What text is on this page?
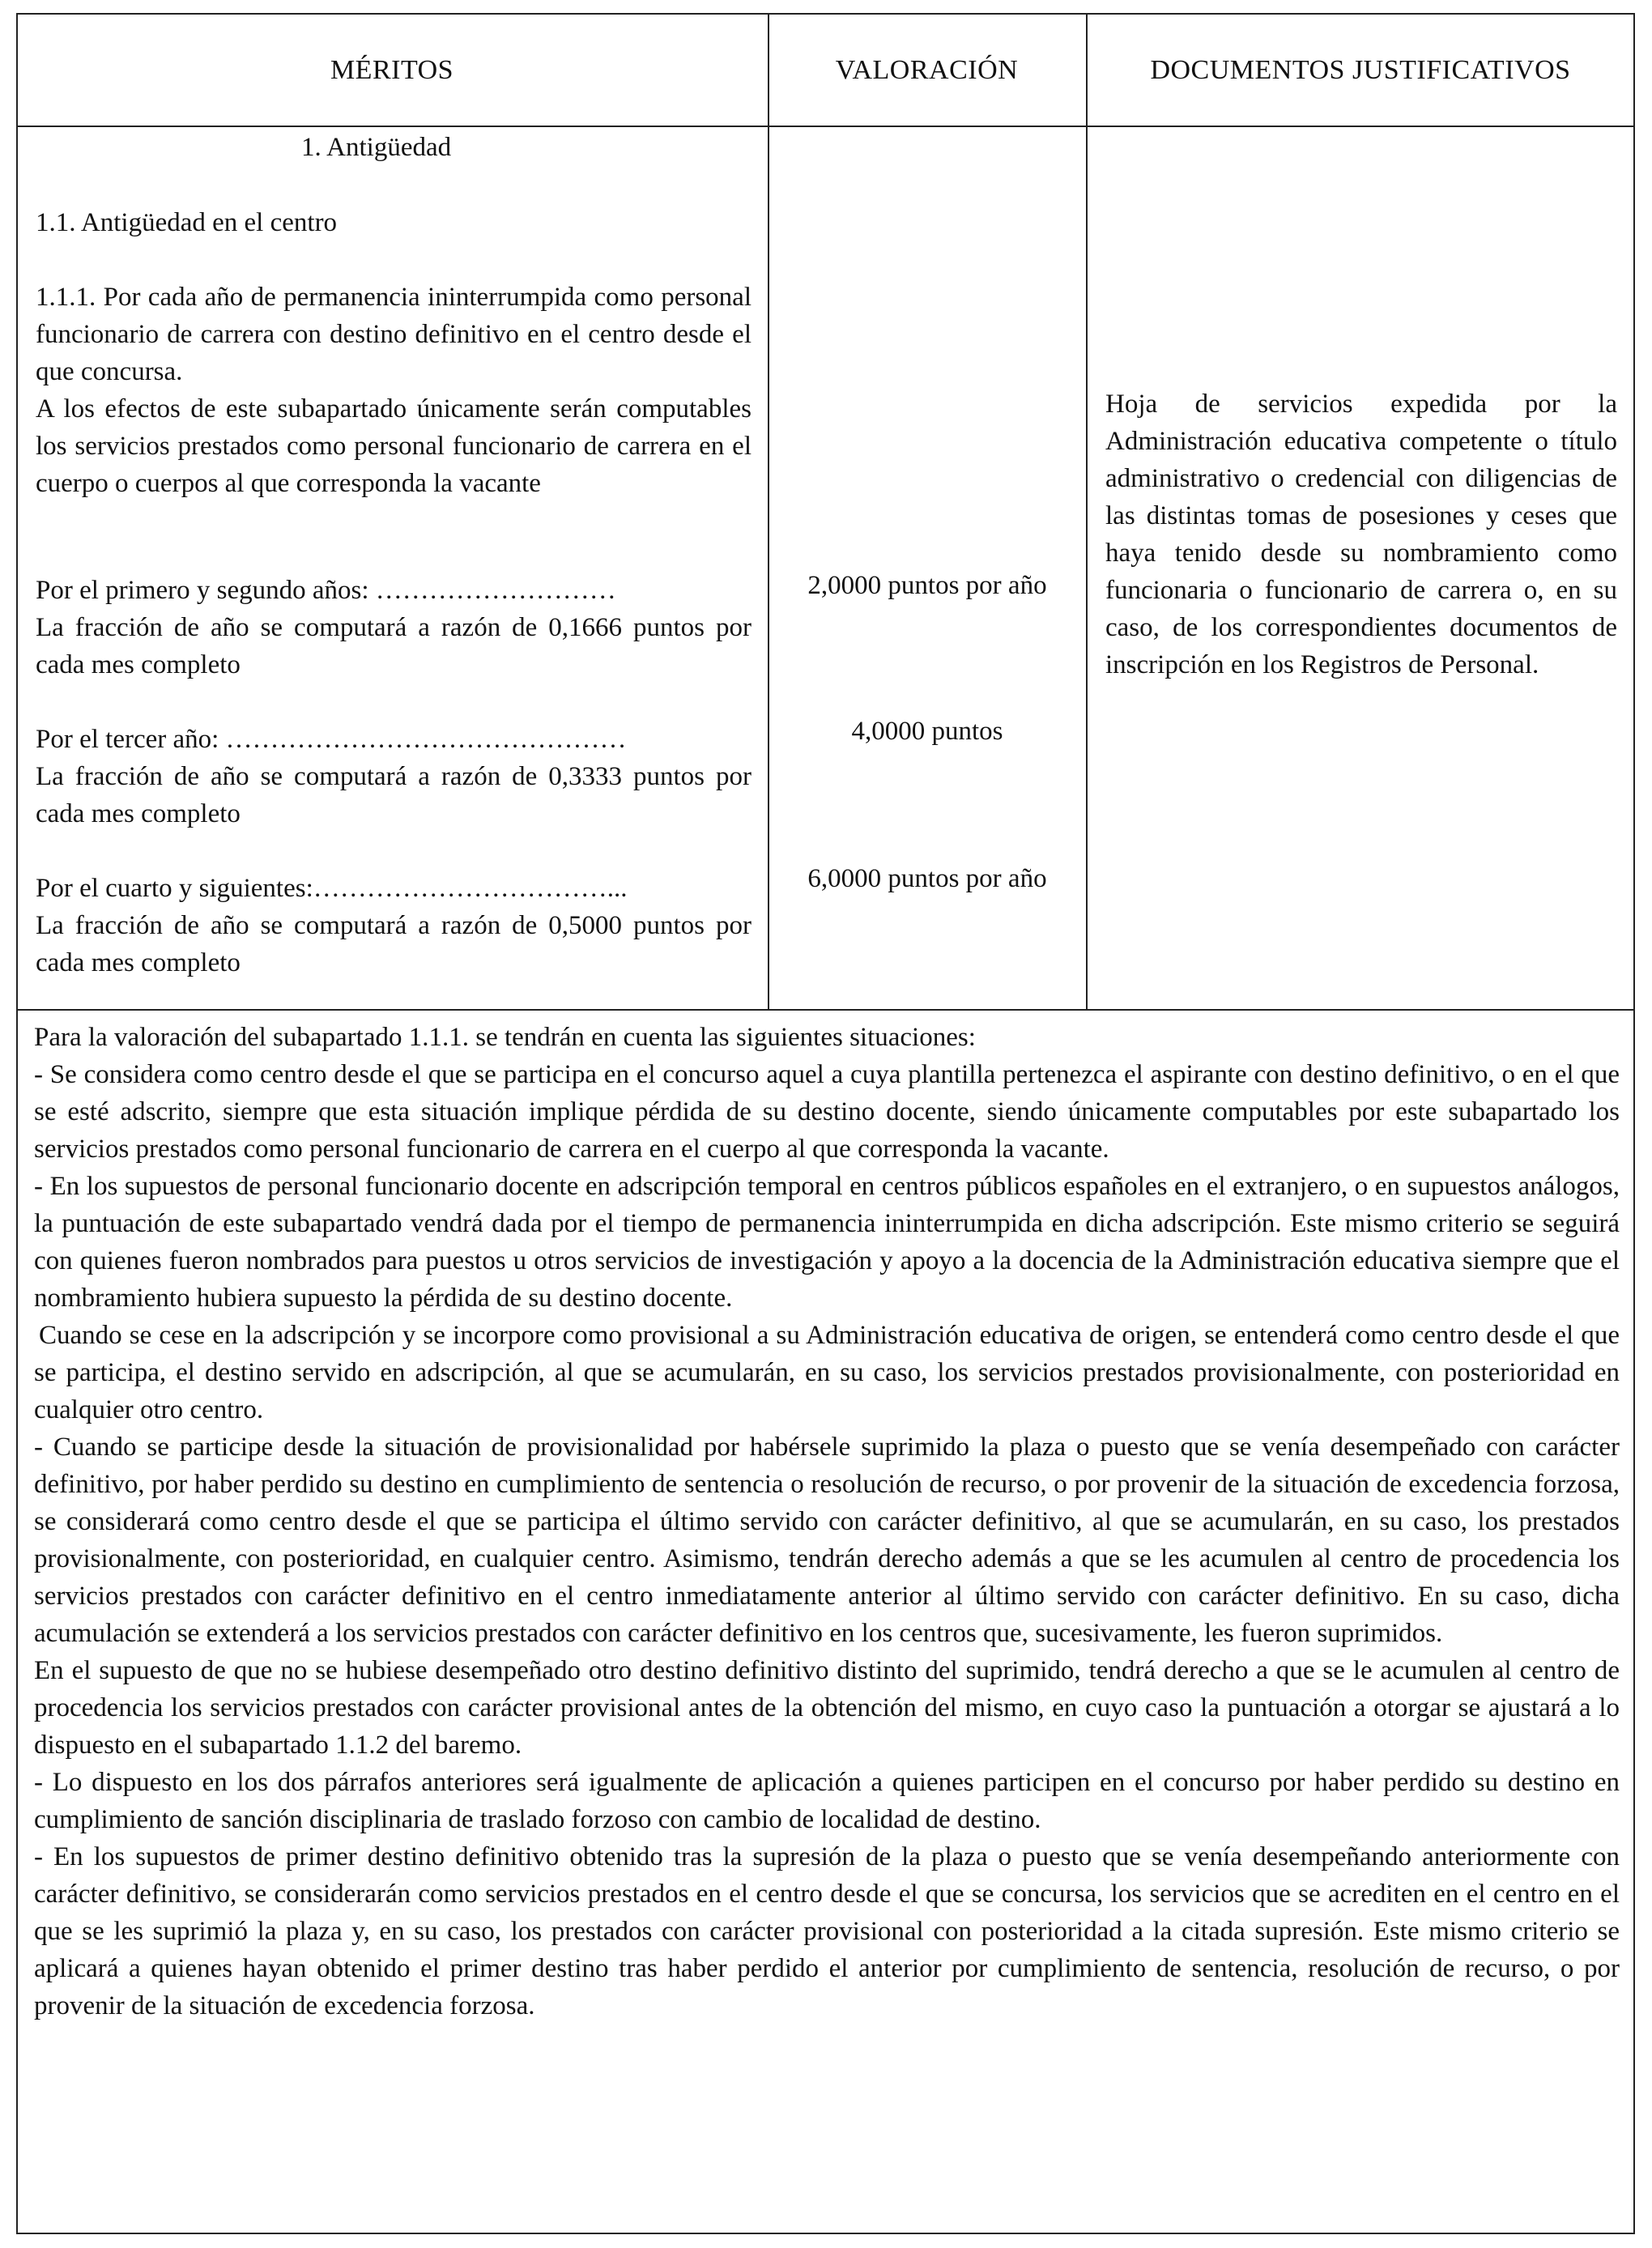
MÉRITOS	VALORACIÓN	DOCUMENTOS JUSTIFICATIVOS
1. Antigüedad
1.1. Antigüedad en el centro
1.1.1. Por cada año de permanencia ininterrumpida como personal funcionario de carrera con destino definitivo en el centro desde el que concursa.
A los efectos de este subapartado únicamente serán computables los servicios prestados como personal funcionario de carrera en el cuerpo o cuerpos al que corresponda la vacante
Por el primero y segundo años: ………………………
La fracción de año se computará a razón de 0,1666 puntos por cada mes completo
Por el tercer año: ………………………………………
La fracción de año se computará a razón de 0,3333 puntos por cada mes completo
Por el cuarto y siguientes:……………………………...
La fracción de año se computará a razón de 0,5000 puntos por cada mes completo
2,0000 puntos por año
4,0000 puntos
6,0000 puntos por año
Hoja de servicios expedida por la Administración educativa competente o título administrativo o credencial con diligencias de las distintas tomas de posesiones y ceses que haya tenido desde su nombramiento como funcionaria o funcionario de carrera o, en su caso, de los correspondientes documentos de inscripción en los Registros de Personal.

Para la valoración del subapartado 1.1.1. se tendrán en cuenta las siguientes situaciones:

- Se considera como centro desde el que se participa en el concurso aquel a cuya plantilla pertenezca el aspirante con destino definitivo, o en el que se esté adscrito, siempre que esta situación implique pérdida de su destino docente, siendo únicamente computables por este subapartado los servicios prestados como personal funcionario de carrera en el cuerpo al que corresponda la vacante.

- En los supuestos de personal funcionario docente en adscripción temporal en centros públicos españoles en el extranjero, o en supuestos análogos, la puntuación de este subapartado vendrá dada por el tiempo de permanencia ininterrumpida en dicha adscripción. Este mismo criterio se seguirá con quienes fueron nombrados para puestos u otros servicios de investigación y apoyo a la docencia de la Administración educativa siempre que el nombramiento hubiera supuesto la pérdida de su destino docente.

Cuando se cese en la adscripción y se incorpore como provisional a su Administración educativa de origen, se entenderá como centro desde el que se participa, el destino servido en adscripción, al que se acumularán, en su caso, los servicios prestados provisionalmente, con posterioridad en cualquier otro centro.

- Cuando se participe desde la situación de provisionalidad por habérsele suprimido la plaza o puesto que se venía desempeñado con carácter definitivo, por haber perdido su destino en cumplimiento de sentencia o resolución de recurso, o por provenir de la situación de excedencia forzosa, se considerará como centro desde el que se participa el último servido con carácter definitivo, al que se acumularán, en su caso, los prestados provisionalmente, con posterioridad, en cualquier centro. Asimismo, tendrán derecho además a que se les acumulen al centro de procedencia los servicios prestados con carácter definitivo en el centro inmediatamente anterior al último servido con carácter definitivo. En su caso, dicha acumulación se extenderá a los servicios prestados con carácter definitivo en los centros que, sucesivamente, les fueron suprimidos.

En el supuesto de que no se hubiese desempeñado otro destino definitivo distinto del suprimido, tendrá derecho a que se le acumulen al centro de procedencia los servicios prestados con carácter provisional antes de la obtención del mismo, en cuyo caso la puntuación a otorgar se ajustará a lo dispuesto en el subapartado 1.1.2 del baremo.

- Lo dispuesto en los dos párrafos anteriores será igualmente de aplicación a quienes participen en el concurso por haber perdido su destino en cumplimiento de sanción disciplinaria de traslado forzoso con cambio de localidad de destino.

- En los supuestos de primer destino definitivo obtenido tras la supresión de la plaza o puesto que se venía desempeñando anteriormente con carácter definitivo, se considerarán como servicios prestados en el centro desde el que se concursa, los servicios que se acrediten en el centro en el que se les suprimió la plaza y, en su caso, los prestados con carácter provisional con posterioridad a la citada supresión. Este mismo criterio se aplicará a quienes hayan obtenido el primer destino tras haber perdido el anterior por cumplimiento de sentencia, resolución de recurso, o por provenir de la situación de excedencia forzosa.
